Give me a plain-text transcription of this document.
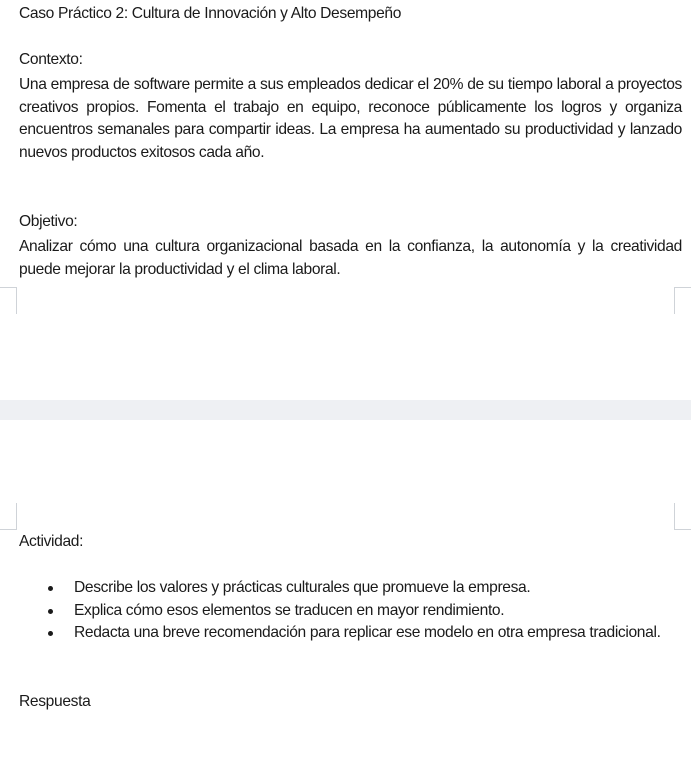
Caso Práctico 2: Cultura de Innovación y Alto Desempeño
Contexto:
Una empresa de software permite a sus empleados dedicar el 20% de su tiempo laboral a proyectos creativos propios. Fomenta el trabajo en equipo, reconoce públicamente los logros y organiza encuentros semanales para compartir ideas. La empresa ha aumentado su productividad y lanzado nuevos productos exitosos cada año.
Objetivo:
Analizar cómo una cultura organizacional basada en la confianza, la autonomía y la creatividad puede mejorar la productividad y el clima laboral.
Actividad:
Describe los valores y prácticas culturales que promueve la empresa.
Explica cómo esos elementos se traducen en mayor rendimiento.
Redacta una breve recomendación para replicar ese modelo en otra empresa tradicional.
Respuesta
